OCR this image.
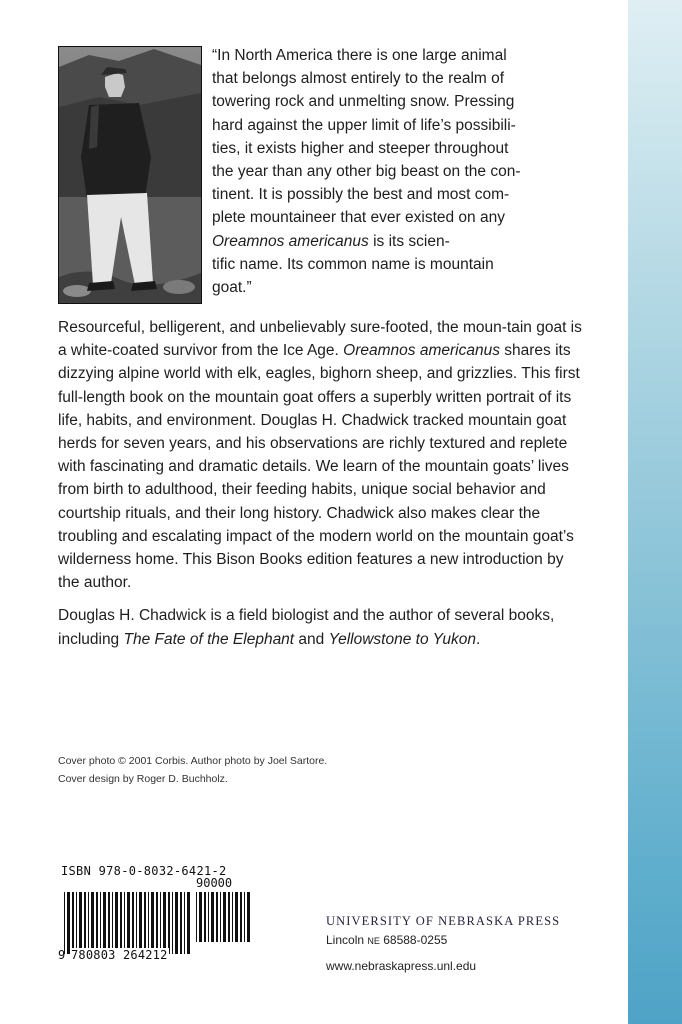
“In North America there is one large animal

that belongs almost entirely to the realm of

towering rock and unmelting snow. Pressing

hard against the upper limit of life’s possibili-

ties, it exists higher and steeper throughout

the year than any other big beast on the con-

tinent. It is possibly the best and most com-

plete mountaineer that ever existed on any

Oreamnos americanus is its scien-

tific name. Its common name is mountain

goat.”

Resourceful, belligerent, and unbelievably sure-footed, the moun-tain goat is a white-coated survivor from the Ice Age. Oreamnos americanus shares its dizzying alpine world with elk, eagles, bighorn sheep, and grizzlies. This first full-length book on the mountain goat offers a superbly written portrait of its life, habits, and environment. Douglas H. Chadwick tracked mountain goat herds for seven years, and his observations are richly textured and replete with fascinating and dramatic details. We learn of the mountain goats’ lives from birth to adulthood, their feeding habits, unique social behavior and courtship rituals, and their long history. Chadwick also makes clear the troubling and escalating impact of the modern world on the mountain goat’s wilderness home. This Bison Books edition features a new introduction by the author.

Douglas H. Chadwick is a field biologist and the author of several books, including The Fate of the Elephant and Yellowstone to Yukon.

Cover photo © 2001 Corbis. Author photo by Joel Sartore.
Cover design by Roger D. Buchholz.
ISBN 978-0-8032-6421-2
90000
9 780803 264212
UNIVERSITY OF NEBRASKA PRESS
Lincoln NE 68588-0255
www.nebraskapress.unl.edu
